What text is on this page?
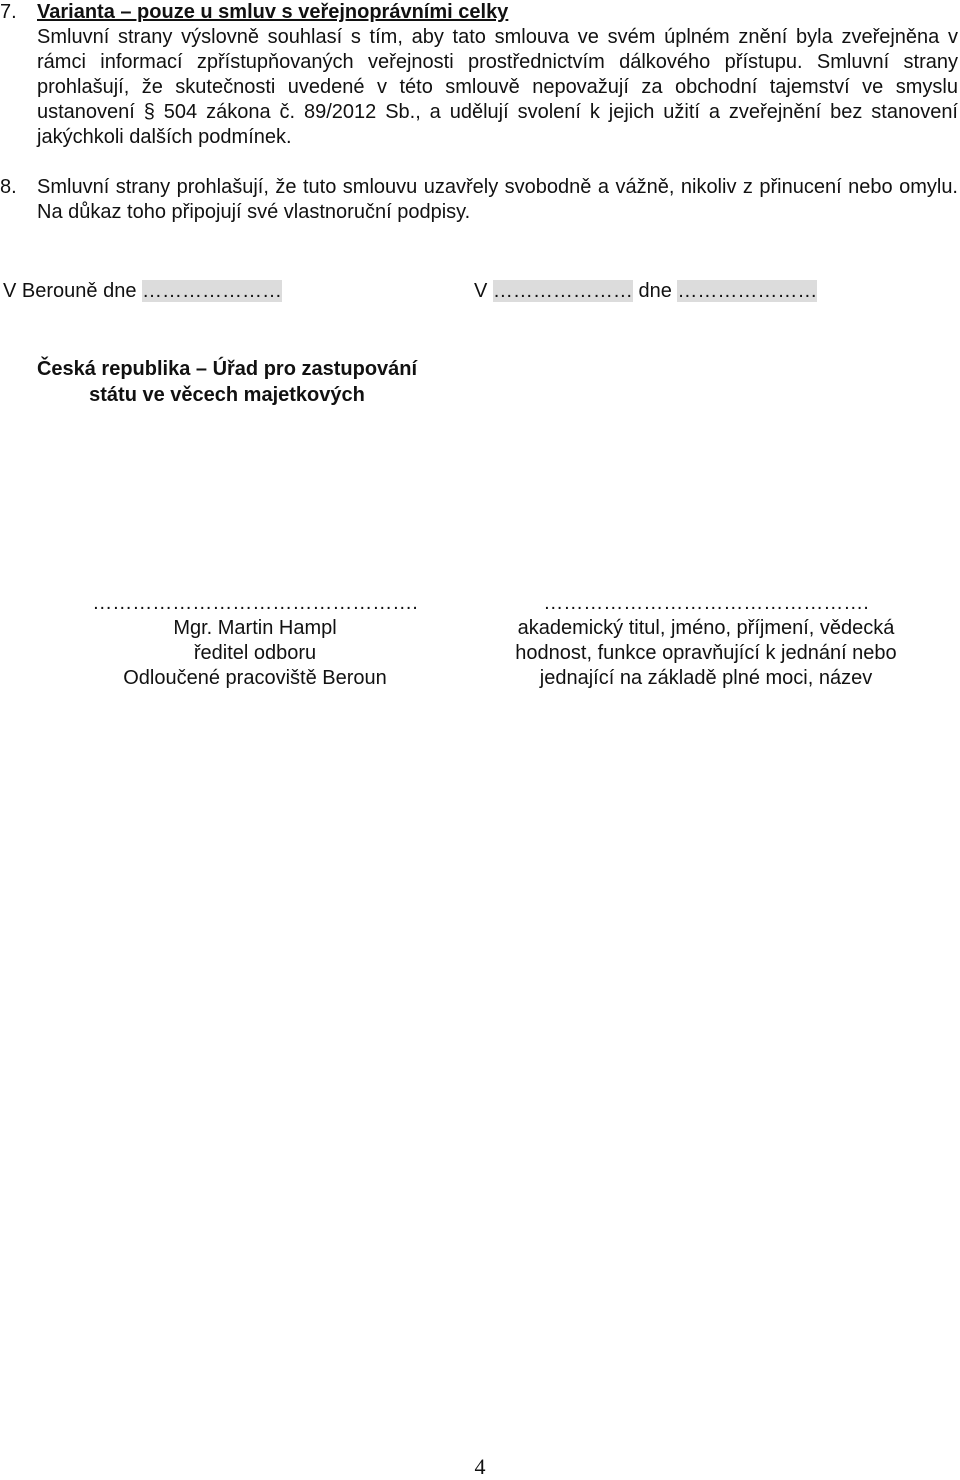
7. Varianta – pouze u smluv s veřejnoprávními celky
Smluvní strany výslovně souhlasí s tím, aby tato smlouva ve svém úplném znění byla zveřejněna v rámci informací zpřístupňovaných veřejnosti prostřednictvím dálkového přístupu. Smluvní strany prohlašují, že skutečnosti uvedené v této smlouvě nepovažují za obchodní tajemství ve smyslu ustanovení § 504 zákona č. 89/2012 Sb., a udělují svolení k jejich užití a zveřejnění bez stanovení jakýchkoli dalších podmínek.
8. Smluvní strany prohlašují, že tuto smlouvu uzavřely svobodně a vážně, nikoliv z přinucení nebo omylu. Na důkaz toho připojují své vlastnoruční podpisy.
V Berouně dne …………………	V ………………… dne …………………
Česká republika – Úřad pro zastupování
státu ve věcech majetkových
………………………………………….
Mgr. Martin Hampl
ředitel odboru
Odloučené pracoviště Beroun
………………………………………….
akademický titul, jméno, příjmení, vědecká
hodnost, funkce opravňující k jednání nebo
jednající na základě plné moci, název
4
